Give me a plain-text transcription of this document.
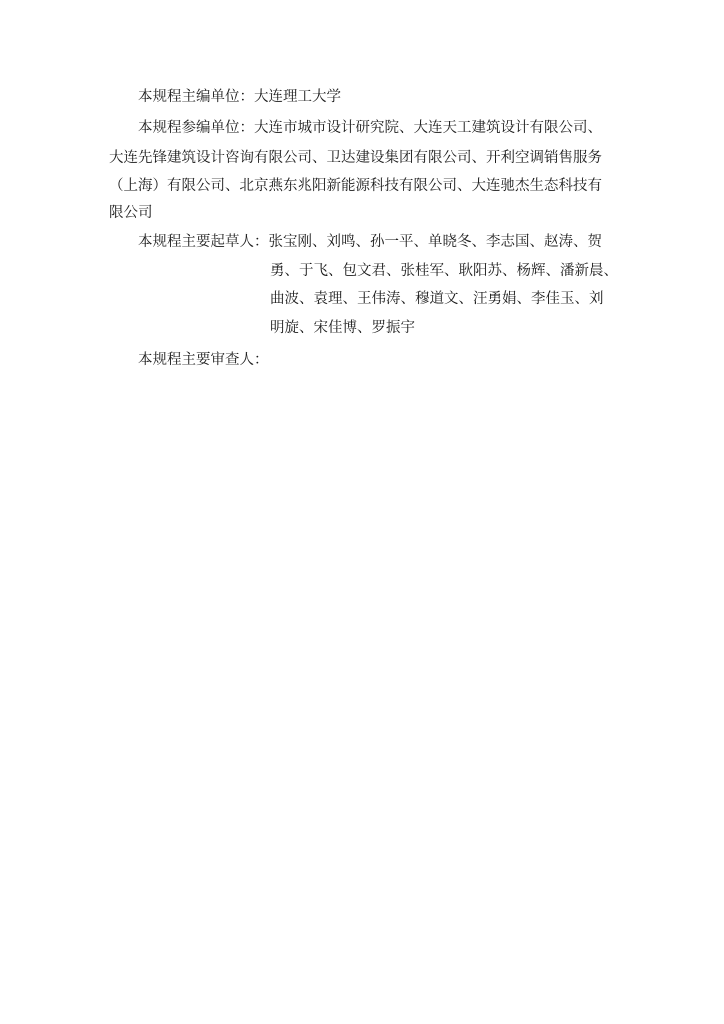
本规程主编单位：大连理工大学
本规程参编单位：大连市城市设计研究院、大连天工建筑设计有限公司、
大连先锋建筑设计咨询有限公司、卫达建设集团有限公司、开利空调销售服务
（上海）有限公司、北京燕东兆阳新能源科技有限公司、大连驰杰生态科技有
限公司
本规程主要起草人：张宝刚、刘鸣、孙一平、单晓冬、李志国、赵涛、贺
勇、于飞、包文君、张桂军、耿阳苏、杨辉、潘新晨、
曲波、袁理、王伟涛、穆道文、汪勇娟、李佳玉、刘
明旋、宋佳博、罗振宇
本规程主要审查人：
